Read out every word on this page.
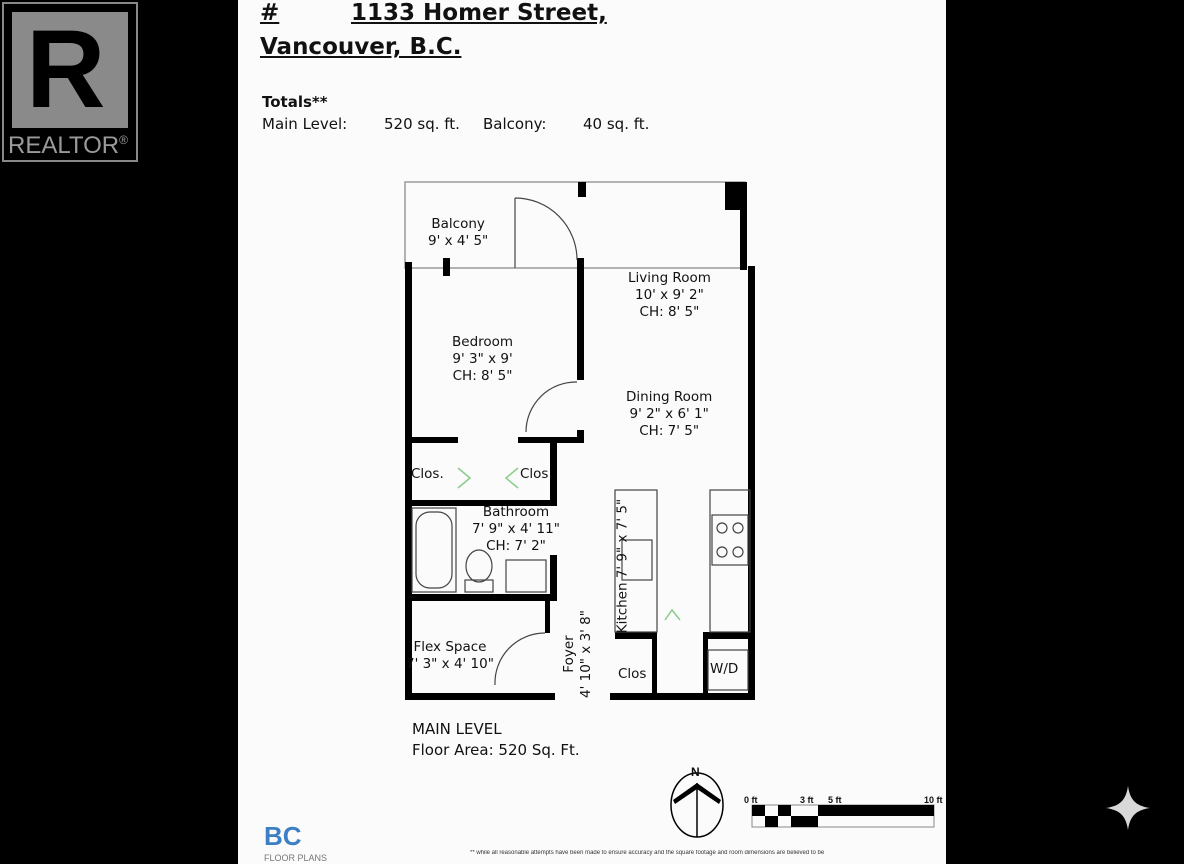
R
REALTOR®
#	1133 Homer Street,
Vancouver, B.C.
Totals**
Main Level: 520 sq. ft. Balcony: 40 sq. ft.
Balcony
9' x 4' 5"
Living Room
10' x 9' 2"
CH: 8' 5"
Bedroom
9' 3" x 9'
CH: 8' 5"
Dining Room
9' 2" x 6' 1"
CH: 7' 5"
Clos.	Clos.
Bathroom
7' 9" x 4' 11"
CH: 7' 2"
Kitchen 7' 9" x 7' 5"
Flex Space
7' 3" x 4' 10"	Foyer 4' 10" x 3' 8" Clos	W/D
MAIN LEVEL
Floor Area: 520 Sq. Ft.
N
0 ft	3 ft 5 ft	10 ft
BC
FLOOR PLANS	** while all reasonable attempts have been made to ensure accuracy and the square footage and room dimensions are believed to be
